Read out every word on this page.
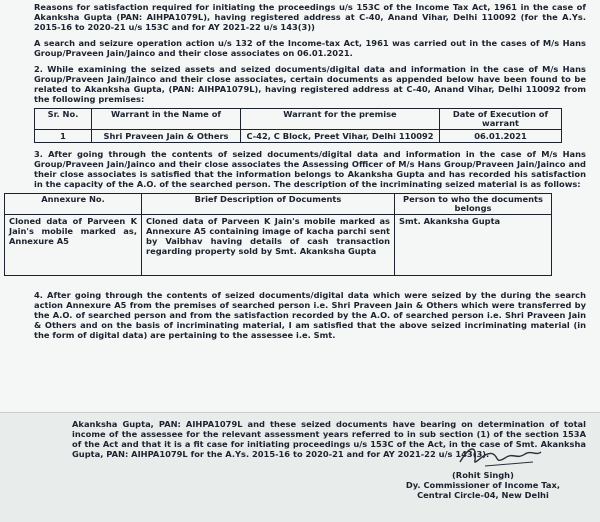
Reasons for satisfaction required for initiating the proceedings u/s 153C of the Income Tax Act, 1961 in the case of Akanksha Gupta (PAN: AIHPA1079L), having registered address at C-40, Anand Vihar, Delhi 110092 (for the A.Ys. 2015-16 to 2020-21 u/s 153C and for AY 2021-22 u/s 143(3))

A search and seizure operation action u/s 132 of the Income-tax Act, 1961 was carried out in the cases of M/s Hans Group/Praveen Jain/Jainco and their close associates on 06.01.2021.

2. While examining the seized assets and seized documents/digital data and information in the case of M/s Hans Group/Praveen Jain/Jainco and their close associates, certain documents as appended below have been found to be related to Akanksha Gupta, (PAN: AIHPA1079L), having registered address at C-40, Anand Vihar, Delhi 110092 from the following premises:

Sr. No.	Warrant in the Name of	Warrant for the premise	Date of Execution of warrant
1	Shri Praveen Jain & Others	C-42, C Block, Preet Vihar, Delhi 110092	06.01.2021

3. After going through the contents of seized documents/digital data and information in the case of M/s Hans Group/Praveen Jain/Jainco and their close associates the Assessing Officer of M/s Hans Group/Praveen Jain/Jainco and their close associates is satisfied that the information belongs to Akanksha Gupta and has recorded his satisfaction in the capacity of the A.O. of the searched person. The description of the incriminating seized material is as follows:

Annexure No.	Brief Description of Documents	Person to who the documents belongs
Cloned data of Parveen K Jain's mobile marked as, Annexure A5	Cloned data of Parveen K Jain's mobile marked as Annexure A5 containing image of kacha parchi sent by Vaibhav having details of cash transaction regarding property sold by Smt. Akanksha Gupta	Smt. Akanksha Gupta

4. After going through the contents of seized documents/digital data which were seized by the during the search action Annexure A5 from the premises of searched person i.e. Shri Praveen Jain & Others which were transferred by the A.O. of searched person and from the satisfaction recorded by the A.O. of searched person i.e. Shri Praveen Jain & Others and on the basis of incriminating material, I am satisfied that the above seized incriminating material (in the form of digital data) are pertaining to the assessee i.e. Smt.

Akanksha Gupta, PAN: AIHPA1079L and these seized documents have bearing on determination of total income of the assessee for the relevant assessment years referred to in sub section (1) of the section 153A of the Act and that it is a fit case for initiating proceedings u/s 153C of the Act, in the case of Smt. Akanksha Gupta, PAN: AIHPA1079L for the A.Ys. 2015-16 to 2020-21 and for AY 2021-22 u/s 143(3).

(Rohit Singh)
Dy. Commissioner of Income Tax,
Central Circle-04, New Delhi
